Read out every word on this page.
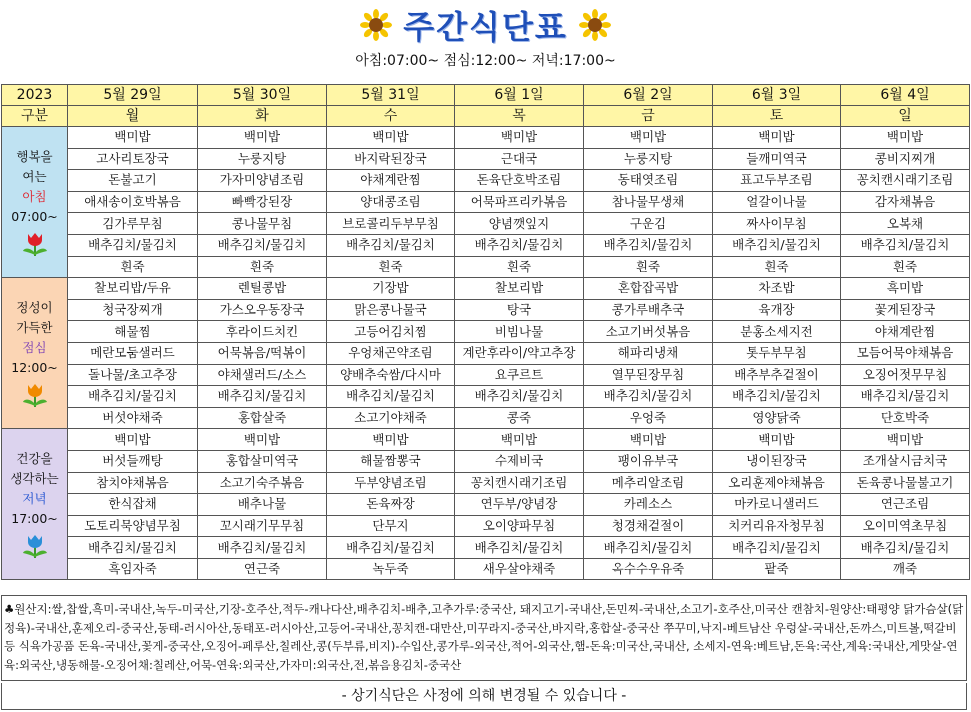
주간식단표
아침:07:00~ 점심:12:00~ 저녁:17:00~
2023	5월 29일	5월 30일	5월 31일	6월 1일	6월 2일	6월 3일	6월 4일
구분	월	화	수	목	금	토	일

행복을
여는
아침
07:00~	백미밥	백미밥	백미밥	백미밥	백미밥	백미밥	백미밥
	고사리토장국	누룽지탕	바지락된장국	근대국	누룽지탕	들깨미역국	콩비지찌개
	돈불고기	가자미양념조림	야채계란찜	돈육단호박조림	동태엿조림	표고두부조림	꽁치캔시래기조림
	애새송이호박볶음	빠빡강된장	양대콩조림	어묵파프리카볶음	참나물무생채	얼갈이나물	감자채볶음
	김가루무침	콩나물무침	브로콜리두부무침	양념깻잎지	구운김	짜사이무침	오복채
	배추김치/물김치	배추김치/물김치	배추김치/물김치	배추김치/물김치	배추김치/물김치	배추김치/물김치	배추김치/물김치
	흰죽	흰죽	흰죽	흰죽	흰죽	흰죽	흰죽

정성이
가득한
점심
12:00~	찰보리밥/두유	렌틸콩밥	기장밥	찰보리밥	혼합잡곡밥	차조밥	흑미밥
	청국장찌개	가스오우동장국	맑은콩나물국	탕국	콩가루배추국	육개장	꽃게된장국
	해물찜	후라이드치킨	고등어김치찜	비빔나물	소고기버섯볶음	분홍소세지전	야채계란찜
	메란모둠샐러드	어묵볶음/떡볶이	우엉채곤약조림	계란후라이/약고추장	해파리냉채	톳두부무침	모듬어묵야채볶음
	돌나물/초고추장	야채샐러드/소스	양배추숙쌈/다시마	요쿠르트	열무된장무침	배추부추겉절이	오징어젓무무침
	배추김치/물김치	배추김치/물김치	배추김치/물김치	배추김치/물김치	배추김치/물김치	배추김치/물김치	배추김치/물김치
	버섯야채죽	홍합살죽	소고기야채죽	콩죽	우엉죽	영양닭죽	단호박죽

건강을
생각하는
저녁
17:00~	백미밥	백미밥	백미밥	백미밥	백미밥	백미밥	백미밥
	버섯들깨탕	홍합살미역국	해물짬뽕국	수제비국	팽이유부국	냉이된장국	조개살시금치국
	참치야채볶음	소고기숙주볶음	두부양념조림	꽁치캔시래기조림	메추리알조림	오리훈제야채볶음	돈육콩나물불고기
	한식잡채	배추나물	돈육짜장	연두부/양념장	카레소스	마카로니샐러드	연근조림
	도토리묵양념무침	꼬시래기무무침	단무지	오이양파무침	청경채겉절이	치커리유자청무침	오이미역초무침
	배추김치/물김치	배추김치/물김치	배추김치/물김치	배추김치/물김치	배추김치/물김치	배추김치/물김치	배추김치/물김치
	흑임자죽	연근죽	녹두죽	새우살야채죽	옥수수우유죽	팥죽	깨죽
♣원산지:쌀,찹쌀,흑미-국내산,녹두-미국산,기장-호주산,적두-캐나다산,배추김치-배추,고추가루:중국산, 돼지고기-국내산,돈민찌-국내산,소고기-호주산,미국산 캔참치-원양산:태평양 닭가슴살(닭정육)-국내산,훈제오리-중국산,동태-러시아산,동태포-러시아산,고등어-국내산,꽁치캔-대만산,미꾸라지-중국산,바지락,홍합살-중국산 쭈꾸미,낙지-베트남산 우렁살-국내산,돈까스,미트볼,떡갈비등 식육가공품 돈육-국내산,꽃게-중국산,오징어-페루산,칠레산,콩(두부류,비지)-수입산,콩가루-외국산,적어-외국산,햄-돈육:미국산,국내산, 소세지-연육:베트남,돈육:국산,계육:국내산,게맛살-연육:외국산,냉동해물-오징어채:칠레산,어묵-연육:외국산,가자미:외국산,전,볶음용김치-중국산
- 상기식단은 사정에 의해 변경될 수 있습니다 -
